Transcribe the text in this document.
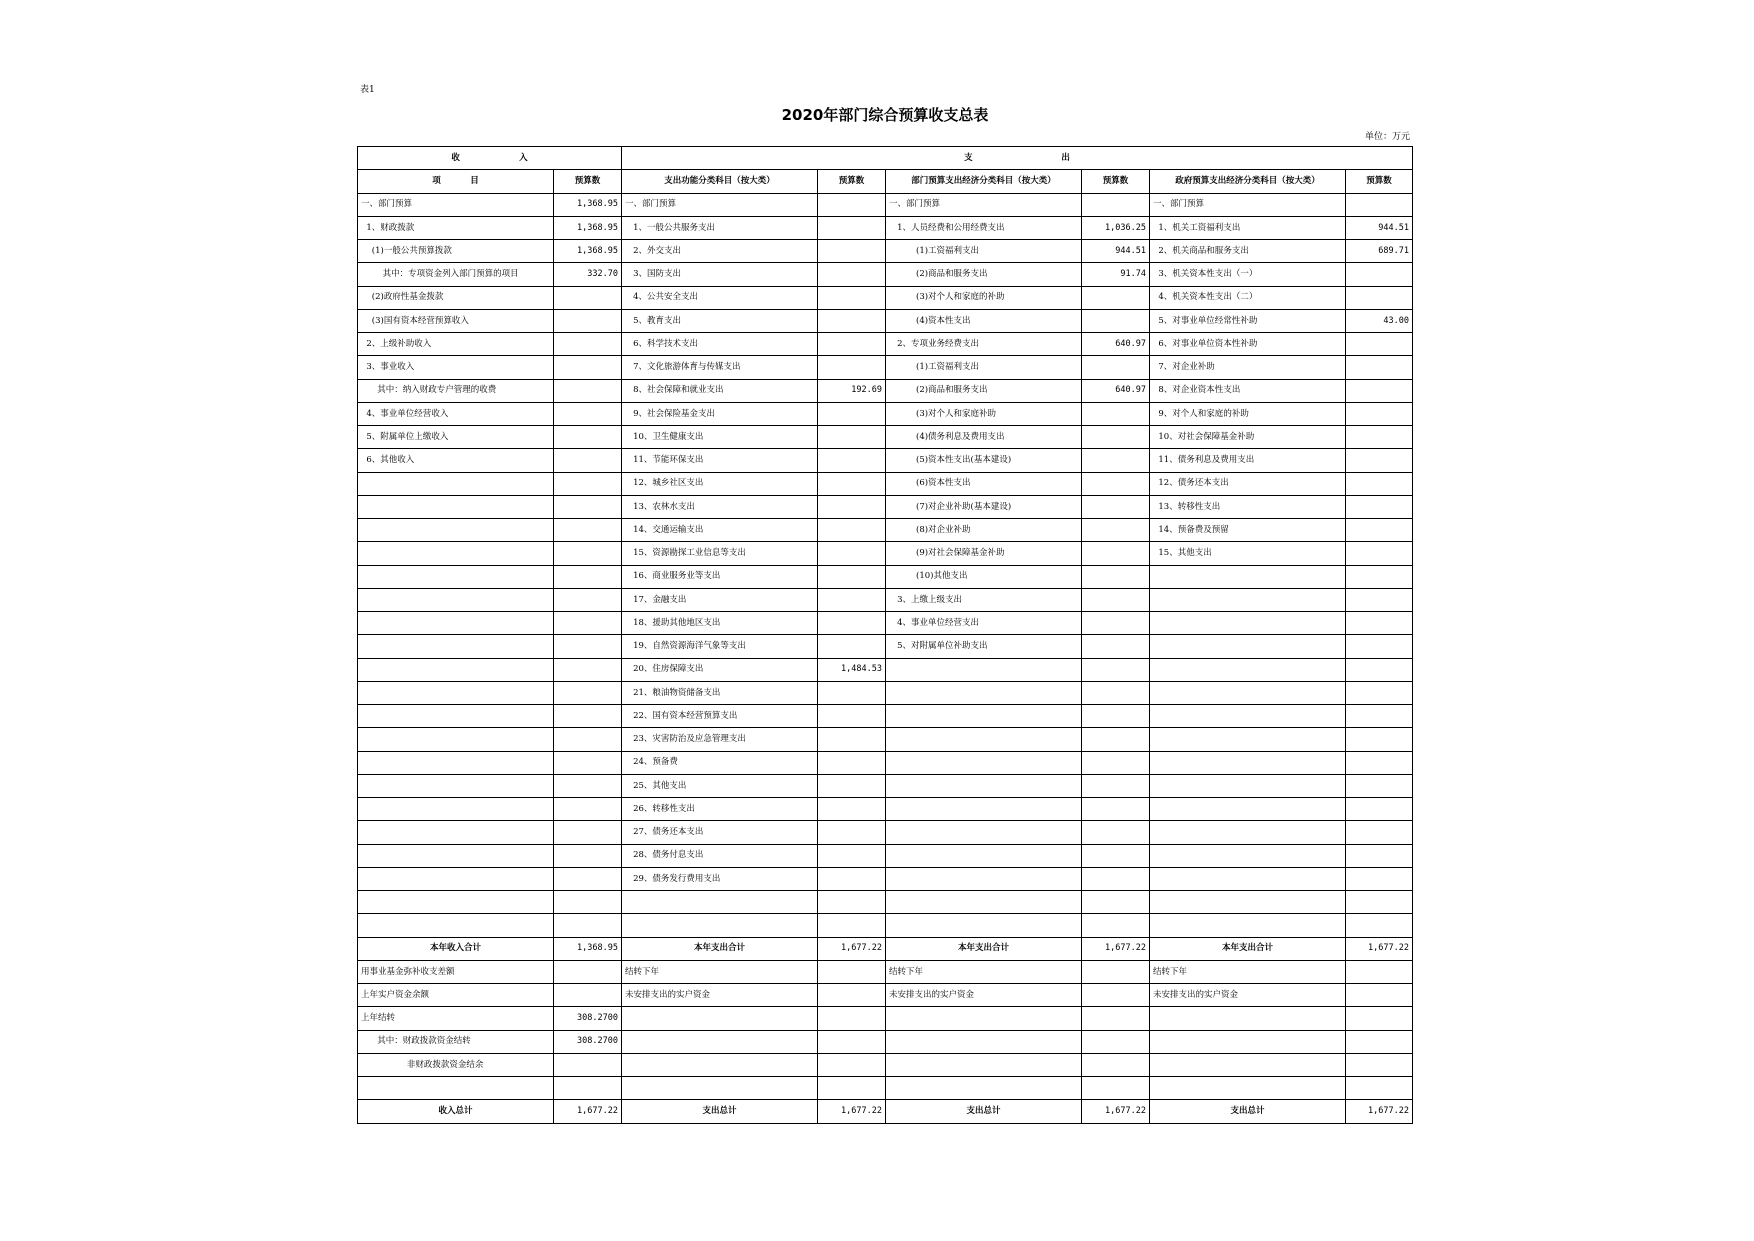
表1
2020年部门综合预算收支总表
单位：万元
收                    入		支                              出					
项          目	预算数	支出功能分类科目（按大类）	预算数	部门预算支出经济分类科目（按大类）	预算数	政府预算支出经济分类科目（按大类）	预算数
一、部门预算	1,368.95	一、部门预算		一、部门预算		一、部门预算	
1、财政拨款	1,368.95	1、一般公共服务支出		1、人员经费和公用经费支出	1,036.25	1、机关工资福利支出	944.51
(1)一般公共预算拨款	1,368.95	2、外交支出		(1)工资福利支出	944.51	2、机关商品和服务支出	689.71
其中：专项资金列入部门预算的项目	332.70	3、国防支出		(2)商品和服务支出	91.74	3、机关资本性支出（一）	
(2)政府性基金拨款		4、公共安全支出		(3)对个人和家庭的补助		4、机关资本性支出（二）	
(3)国有资本经营预算收入		5、教育支出		(4)资本性支出		5、对事业单位经常性补助	43.00
2、上级补助收入		6、科学技术支出		2、专项业务经费支出	640.97	6、对事业单位资本性补助	
3、事业收入		7、文化旅游体育与传媒支出		(1)工资福利支出		7、对企业补助	
其中：纳入财政专户管理的收费		8、社会保障和就业支出	192.69	(2)商品和服务支出	640.97	8、对企业资本性支出	
4、事业单位经营收入		9、社会保险基金支出		(3)对个人和家庭补助		9、对个人和家庭的补助	
5、附属单位上缴收入		10、卫生健康支出		(4)债务利息及费用支出		10、对社会保障基金补助	
6、其他收入		11、节能环保支出		(5)资本性支出(基本建设)		11、债务利息及费用支出	
		12、城乡社区支出		(6)资本性支出		12、债务还本支出	
		13、农林水支出		(7)对企业补助(基本建设)		13、转移性支出	
		14、交通运输支出		(8)对企业补助		14、预备费及预留	
		15、资源勘探工业信息等支出		(9)对社会保障基金补助		15、其他支出	
		16、商业服务业等支出		(10)其他支出			
		17、金融支出		3、上缴上级支出			
		18、援助其他地区支出		4、事业单位经营支出			
		19、自然资源海洋气象等支出		5、对附属单位补助支出			
		20、住房保障支出	1,484.53				
		21、粮油物资储备支出					
		22、国有资本经营预算支出					
		23、灾害防治及应急管理支出					
		24、预备费					
		25、其他支出					
		26、转移性支出					
		27、债务还本支出					
		28、债务付息支出					
		29、债务发行费用支出					

本年收入合计	1,368.95	本年支出合计	1,677.22	本年支出合计	1,677.22	本年支出合计	1,677.22
用事业基金弥补收支差额		结转下年		结转下年		结转下年	
上年实户资金余额		未安排支出的实户资金		未安排支出的实户资金		未安排支出的实户资金	
上年结转	308.2700						
其中：财政拨款资金结转	308.2700						
非财政拨款资金结余							

收入总计	1,677.22	支出总计	1,677.22	支出总计	1,677.22	支出总计	1,677.22
